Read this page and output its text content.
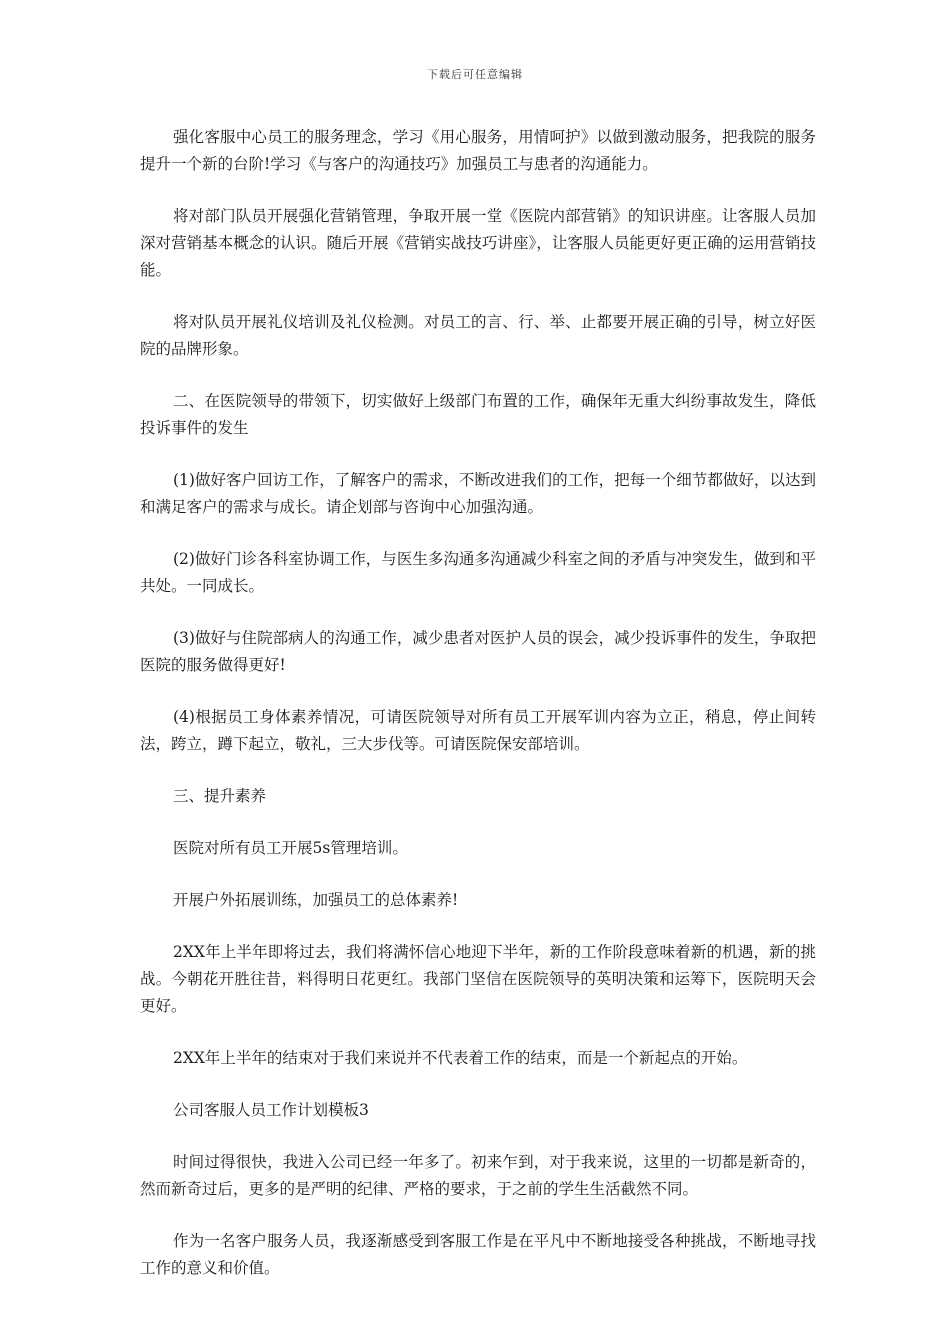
下载后可任意编辑

强化客服中心员工的服务理念，学习《用心服务，用情呵护》以做到激动服务，把我院的服务提升一个新的台阶!学习《与客户的沟通技巧》加强员工与患者的沟通能力。

将对部门队员开展强化营销管理，争取开展一堂《医院内部营销》的知识讲座。让客服人员加深对营销基本概念的认识。随后开展《营销实战技巧讲座》，让客服人员能更好更正确的运用营销技能。

将对队员开展礼仪培训及礼仪检测。对员工的言、行、举、止都要开展正确的引导，树立好医院的品牌形象。

二、在医院领导的带领下，切实做好上级部门布置的工作，确保年无重大纠纷事故发生，降低投诉事件的发生

(1)做好客户回访工作，了解客户的需求，不断改进我们的工作，把每一个细节都做好，以达到和满足客户的需求与成长。请企划部与咨询中心加强沟通。

(2)做好门诊各科室协调工作，与医生多沟通多沟通减少科室之间的矛盾与冲突发生，做到和平共处。一同成长。

(3)做好与住院部病人的沟通工作，减少患者对医护人员的误会，减少投诉事件的发生，争取把医院的服务做得更好!

(4)根据员工身体素养情况，可请医院领导对所有员工开展军训内容为立正，稍息，停止间转法，跨立，蹲下起立，敬礼，三大步伐等。可请医院保安部培训。

三、提升素养

医院对所有员工开展5s管理培训。

开展户外拓展训练，加强员工的总体素养!

2XX年上半年即将过去，我们将满怀信心地迎下半年，新的工作阶段意味着新的机遇，新的挑战。今朝花开胜往昔，料得明日花更红。我部门坚信在医院领导的英明决策和运筹下，医院明天会更好。

2XX年上半年的结束对于我们来说并不代表着工作的结束，而是一个新起点的开始。

公司客服人员工作计划模板3

时间过得很快，我进入公司已经一年多了。初来乍到，对于我来说，这里的一切都是新奇的，然而新奇过后，更多的是严明的纪律、严格的要求，于之前的学生生活截然不同。

作为一名客户服务人员，我逐渐感受到客服工作是在平凡中不断地接受各种挑战，不断地寻找工作的意义和价值。
